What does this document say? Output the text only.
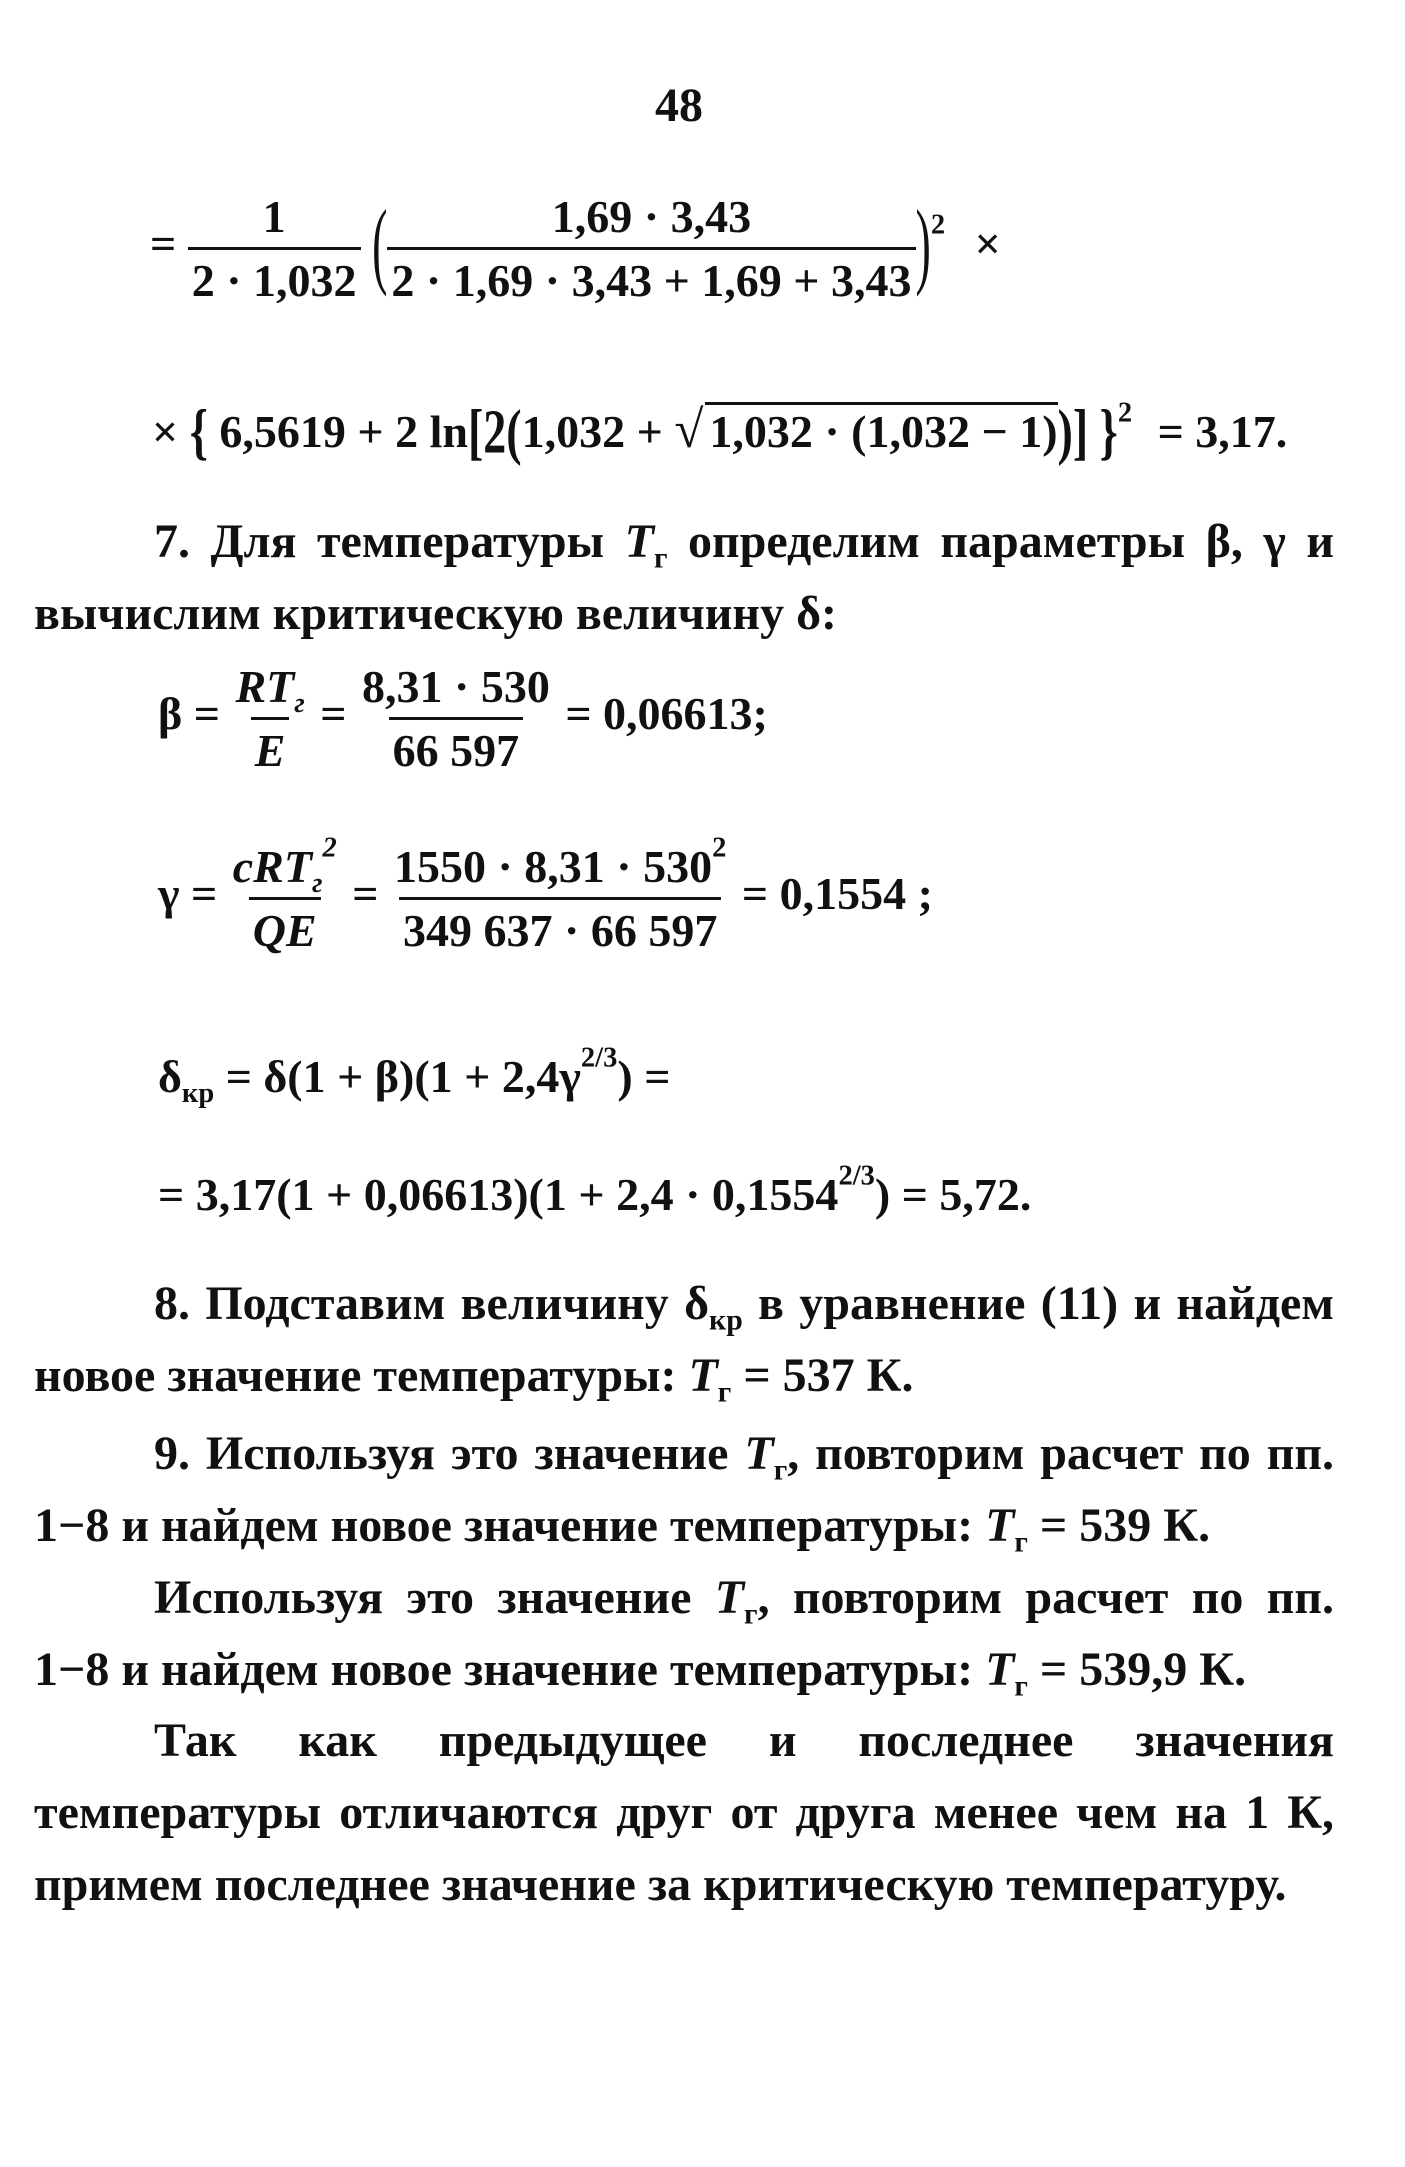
48
= $\frac{1}{2 \cdot 1,032}$ ( $\frac{1,69 \cdot 3,43}{2 \cdot 1,69 \cdot 3,43 + 1,69 + 3,43} )^2$ ×
× { 6,5619 + 2 ln[2(1,032 + √ 1,032 · (1,032 − 1))] }$^2$ = 3,17.
7. Для температуры $T_г$ определим параметры β, γ и вычислим критическую величину δ:
$\beta = \frac{RT_г}{E} = \frac{8,31 \cdot 530}{66 597} = 0,06613$;
$\gamma = \frac{cRT_г^2}{QE} = \frac{1550 \cdot 8,31 \cdot 530^2}{349 637 \cdot 66 597} = 0,1554$ ;
$\delta_{кр} = \delta(1 + \beta)(1 + 2,4\gamma^{2/3})$ =
= $3,17(1 + 0,06613)(1 + 2,4 \cdot 0,1554^{2/3}) = 5,72$.
8. Подставим величину $\delta_{кр}$ в уравнение (11) и найдем новое значение температуры: $T_г = 537$ К.
9. Используя это значение $T_г$, повторим расчет по пп. 1−8 и найдем новое значение температуры: $T_г = 539$ К.
Используя это значение $T_г$, повторим расчет по пп. 1−8 и найдем новое значение температуры: $T_г = 539,9$ К.
Так как предыдущее и последнее значения температуры отличаются друг от друга менее чем на 1 К, примем последнее значение за критическую температуру.
